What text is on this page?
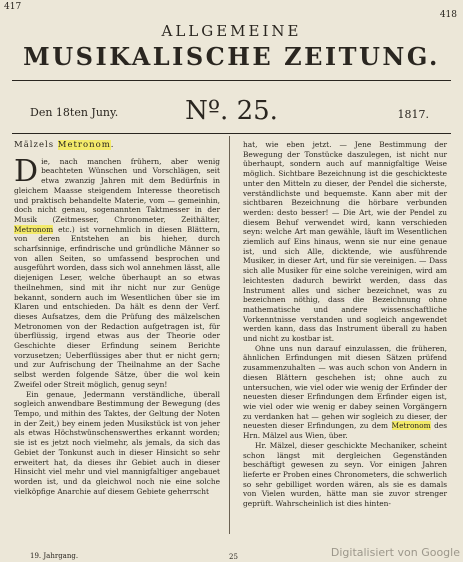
417
418
ALLGEMEINE
MUSIKALISCHE ZEITUNG.
Den 18ten Juny.	Nº. 25.	1817.

Mälzels Metronom.

Die, nach manchen frühern, aber wenig beachteten Wünschen und Vorschlägen, seit etwa zwanzig Jahren mit dem Bedürfnis in gleichem Maasse steigendem Interesse theoretisch und praktisch behandelte Materie, vom — gemeinhin, doch nicht genau, sogenannten Taktmesser in der Musik (Zeitmesser, Chronometer, Zeithälter, Metronom etc.) ist vornehmlich in diesen Blättern, von deren Entstehen an bis hieher, durch scharfsinnige, erfindrische und gründliche Männer so von allen Seiten, so umfassend besprochen und ausgeführt worden, dass sich wol annehmen lässt, alle diejenigen Leser, welche überhaupt an so etwas theilnehmen, sind mit ihr nicht nur zur Genüge bekannt, sondern auch im Wesentlichen über sie im Klaren und entschieden. Da hält es denn der Verf. dieses Aufsatzes, dem die Prüfung des mälzelschen Metronomen von der Redaction aufgetragen ist, für überflüssig, irgend etwas aus der Theorie oder Geschichte dieser Erfindung seinem Berichte vorzusetzen; Ueberflüssiges aber thut er nicht gern; und zur Aufrischung der Theilnahme an der Sache selbst werden folgende Sätze, über die wol kein Zweifel oder Streit möglich, genug seyn!

Ein genaue, Jedermann verständliche, überall sogleich anwendbare Bestimmung der Bewegung (des Tempo, und mithin des Taktes, der Geltung der Noten in der Zeit,) bey einem jeden Musikstück ist von jeher als etwas Höchstwünschenswerthes erkannt worden; sie ist es jetzt noch vielmehr, als jemals, da sich das Gebiet der Tonkunst auch in dieser Hinsicht so sehr erweitert hat, da dieses ihr Gebiet auch in dieser Hinsicht viel mehr und viel mannigfaltiger angebauet worden ist, und da gleichwol noch nie eine solche vielköpfige Anarchie auf diesem Gebiete geherrscht

hat, wie eben jetzt. — Jene Bestimmung der Bewegung der Tonstücke daszulegen, ist nicht nur überhaupt, sondern auch auf mannigfaltige Weise möglich. Sichtbare Bezeichnung ist die geschickteste unter den Mitteln zu dieser, der Pendel die sicherste, verständlichste und bequemste. Kann aber mit der sichtbaren Bezeichnung die hörbare verbunden werden: desto besser! — Die Art, wie der Pendel zu diesem Behuf verwendet wird, kann verschieden seyn: welche Art man gewähle, läuft im Wesentlichen ziemlich auf Eins hinaus, wenn sie nur eine genaue ist, und sich Alle, dicktende, wie ausführende Musiker, in dieser Art, und für sie vereinigen. — Dass sich alle Musiker für eine solche vereinigen, wird am leichtesten dadurch bewirkt werden, dass das Instrument alles und sicher bezeichnet, was zu bezeichnen nöthig, dass die Bezeichnung ohne mathematische und andere wissenschaftliche Vorkenntnisse verstanden und sogleich angewendet werden kann, dass das Instrument überall zu haben und nicht zu kostbar ist.

Ohne uns nun darauf einzulassen, die früheren, ähnlichen Erfindungen mit diesen Sätzen prüfend zusammenzuhalten — was auch schon von Andern in diesen Blättern geschehen ist; ohne auch zu untersuchen, wie viel oder wie wenig der Erfinder der neuesten dieser Erfindungen dem Erfinder eigen ist, wie viel oder wie wenig er dabey seinen Vorgängern zu verdanken hat — gehen wir sogleich zu dieser, der neuesten dieser Erfindungen, zu dem Metronom des Hrn. Mälzel aus Wien, über.

Hr. Mälzel, dieser geschickte Mechaniker, scheint schon längst mit dergleichen Gegenständen beschäftigt gewesen zu seyn. Vor einigen Jahren lieferte er Proben eines Chronometers, die schwerlich so sehr gebilliget worden wären, als sie es damals von Vielen wurden, hätte man sie zuvor strenger geprüft. Wahrscheinlich ist dies hinten-

19. Jahrgang.	25	Digitalisiert von Google
